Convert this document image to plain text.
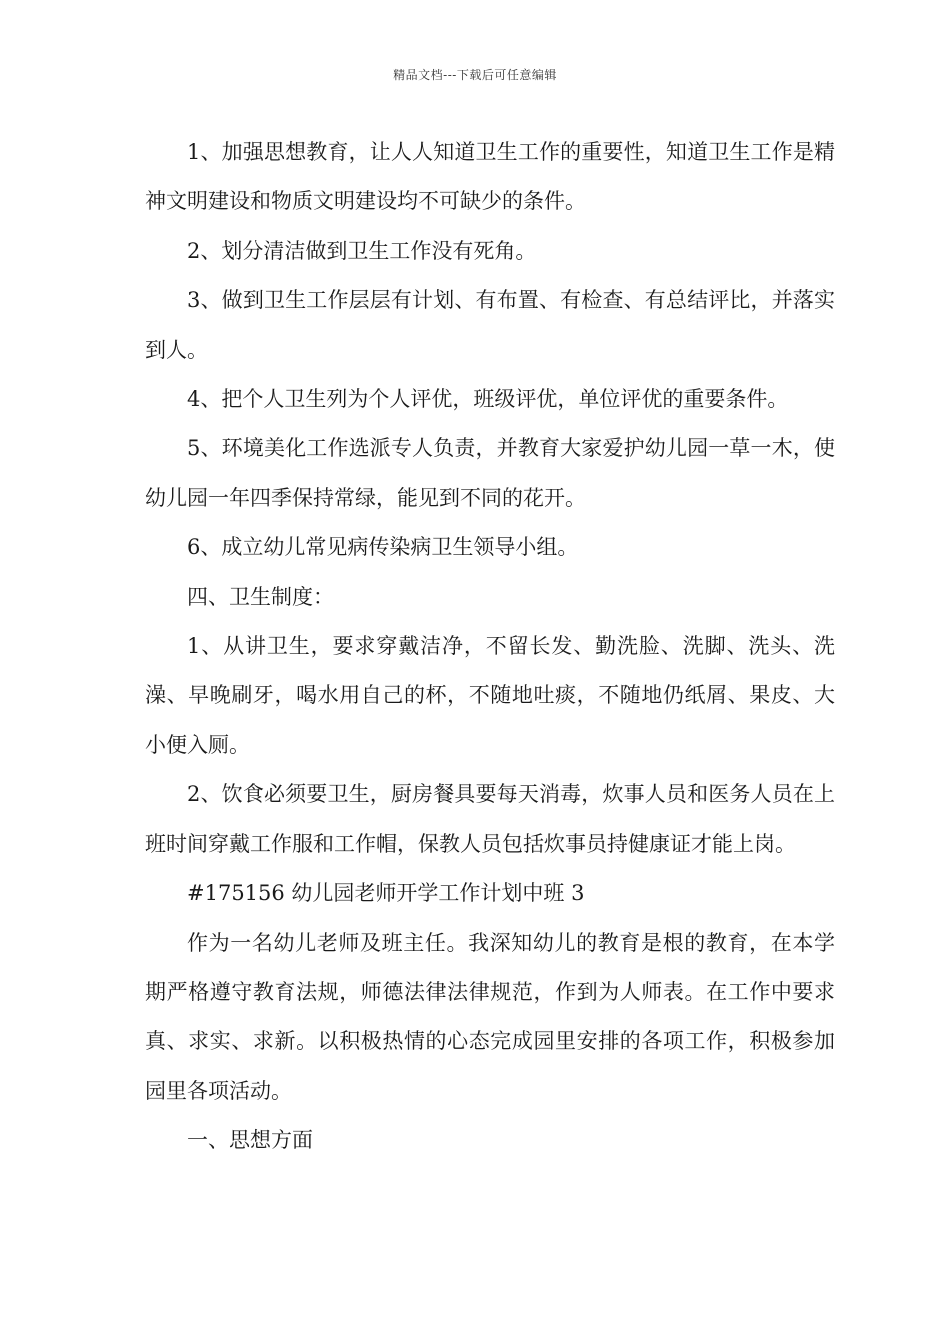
精品文档---下载后可任意编辑

1、加强思想教育，让人人知道卫生工作的重要性，知道卫生工作是精神文明建设和物质文明建设均不可缺少的条件。

2、划分清洁做到卫生工作没有死角。

3、做到卫生工作层层有计划、有布置、有检查、有总结评比，并落实到人。

4、把个人卫生列为个人评优，班级评优，单位评优的重要条件。

5、环境美化工作选派专人负责，并教育大家爱护幼儿园一草一木，使幼儿园一年四季保持常绿，能见到不同的花开。

6、成立幼儿常见病传染病卫生领导小组。

四、卫生制度：

1、从讲卫生，要求穿戴洁净，不留长发、勤洗脸、洗脚、洗头、洗澡、早晚刷牙，喝水用自己的杯，不随地吐痰，不随地仍纸屑、果皮、大小便入厕。

2、饮食必须要卫生，厨房餐具要每天消毒，炊事人员和医务人员在上班时间穿戴工作服和工作帽，保教人员包括炊事员持健康证才能上岗。

#175156 幼儿园老师开学工作计划中班 3

作为一名幼儿老师及班主任。我深知幼儿的教育是根的教育，在本学期严格遵守教育法规，师德法律法律规范，作到为人师表。在工作中要求真、求实、求新。以积极热情的心态完成园里安排的各项工作，积极参加园里各项活动。

一、思想方面
